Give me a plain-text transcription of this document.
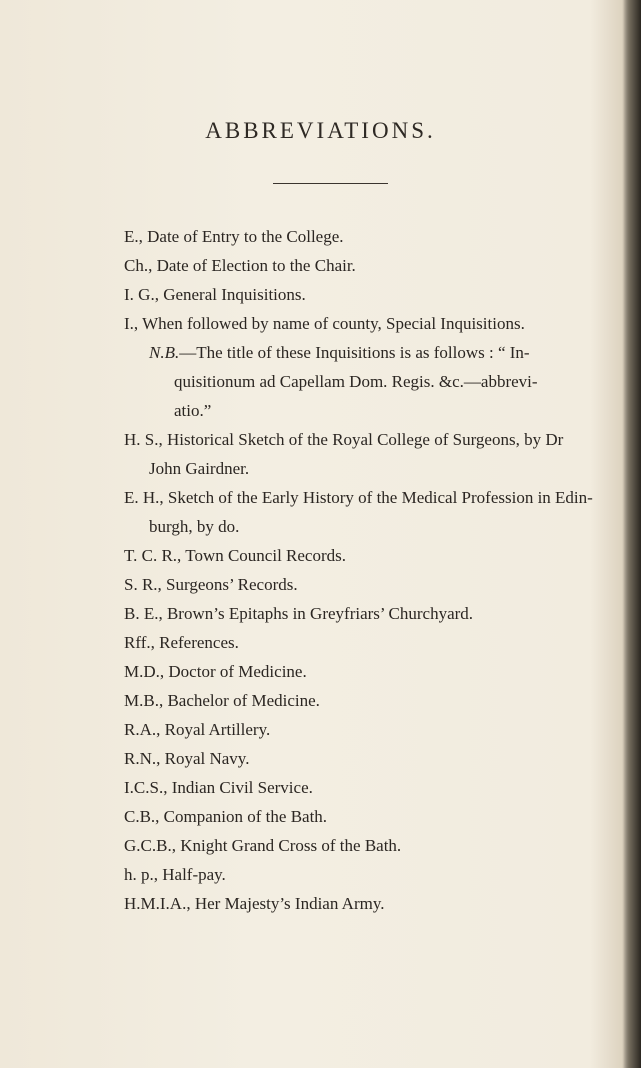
ABBREVIATIONS.
E., Date of Entry to the College.
Ch., Date of Election to the Chair.
I. G., General Inquisitions.
I., When followed by name of county, Special Inquisitions.
N.B.—The title of these Inquisitions is as follows : “ In-
quisitionum ad Capellam Dom. Regis. &c.—abbrevi-
atio.”
H. S., Historical Sketch of the Royal College of Surgeons, by Dr
John Gairdner.
E. H., Sketch of the Early History of the Medical Profession in Edin-
burgh, by do.
T. C. R., Town Council Records.
S. R., Surgeons’ Records.
B. E., Brown’s Epitaphs in Greyfriars’ Churchyard.
Rff., References.
M.D., Doctor of Medicine.
M.B., Bachelor of Medicine.
R.A., Royal Artillery.
R.N., Royal Navy.
I.C.S., Indian Civil Service.
C.B., Companion of the Bath.
G.C.B., Knight Grand Cross of the Bath.
h. p., Half-pay.
H.M.I.A., Her Majesty’s Indian Army.
